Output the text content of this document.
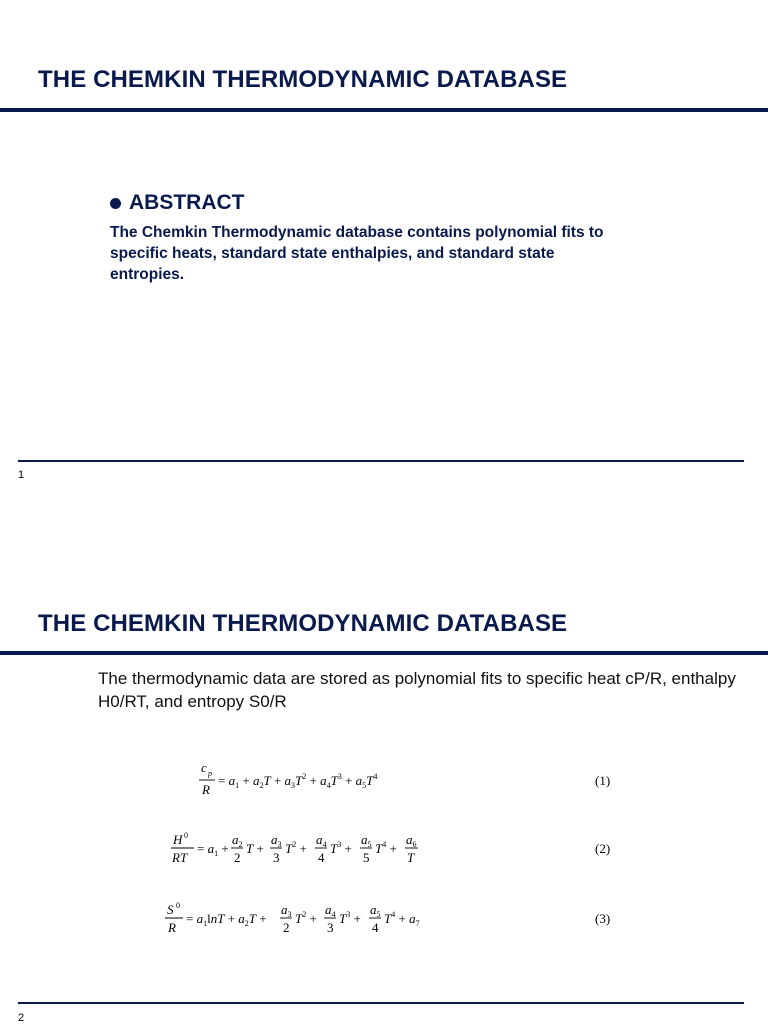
THE CHEMKIN THERMODYNAMIC DATABASE
ABSTRACT

The Chemkin Thermodynamic database contains polynomial fits to specific heats, standard state enthalpies, and standard state entropies.

1
THE CHEMKIN THERMODYNAMIC DATABASE

The thermodynamic data are stored as polynomial fits to specific heat cP/R, enthalpy H0/RT, and entropy S0/R

c p
R
= $a_1 + a_2T + a_3T^2 + a_4T^3 + a_5T^4$	(1)
H 0
RT
= $a_1$ +
$a_2$
2
T +
$a_3$
3
$T^2$ +
$a_4$
4
$T^3$ +
$a_5$
5
$T^4$ +
$a_6$
T
(2)
S 0
R
= $a_1\ln T + a_2T$ +
$a_3$
2
$T^2$ +
$a_4$
3
$T^3$ +
$a_5$
4
$T^4 + a_7$	(3)
2
